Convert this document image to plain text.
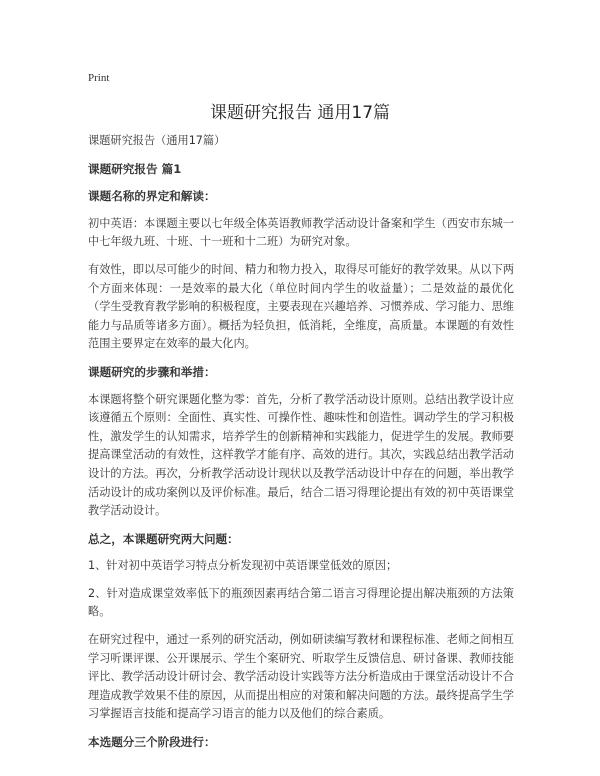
Print
课题研究报告 通用17篇

课题研究报告（通用17篇）

课题研究报告 篇1

课题名称的界定和解读：

初中英语：本课题主要以七年级全体英语教师教学活动设计备案和学生（西安市东城一中七年级九班、十班、十一班和十二班）为研究对象。

有效性，即以尽可能少的时间、精力和物力投入，取得尽可能好的教学效果。从以下两个方面来体现：一是效率的最大化（单位时间内学生的收益量）；二是效益的最优化（学生受教育教学影响的积极程度，主要表现在兴趣培养、习惯养成、学习能力、思维能力与品质等诸多方面）。概括为轻负担，低消耗，全维度，高质量。本课题的有效性范围主要界定在效率的最大化内。

课题研究的步骤和举措：

本课题将整个研究课题化整为零：首先，分析了教学活动设计原则。总结出教学设计应该遵循五个原则：全面性、真实性、可操作性、趣味性和创造性。调动学生的学习积极性，激发学生的认知需求，培养学生的创新精神和实践能力，促进学生的发展。教师要提高课堂活动的有效性，这样教学才能有序、高效的进行。其次，实践总结出教学活动设计的方法。再次，分析教学活动设计现状以及教学活动设计中存在的问题，举出教学活动设计的成功案例以及评价标准。最后，结合二语习得理论提出有效的初中英语课堂教学活动设计。

总之，本课题研究两大问题：

1、针对初中英语学习特点分析发现初中英语课堂低效的原因；

2、针对造成课堂效率低下的瓶颈因素再结合第二语言习得理论提出解决瓶颈的方法策略。

在研究过程中，通过一系列的研究活动，例如研读编写教材和课程标准、老师之间相互学习听课评课、公开课展示、学生个案研究、听取学生反馈信息、研讨备课、教师技能评比、教学活动设计研讨会、教学活动设计实践等方法分析造成由于课堂活动设计不合理造成教学效果不佳的原因，从而提出相应的对策和解决问题的方法。最终提高学生学习掌握语言技能和提高学习语言的能力以及他们的综合素质。

本选题分三个阶段进行：
